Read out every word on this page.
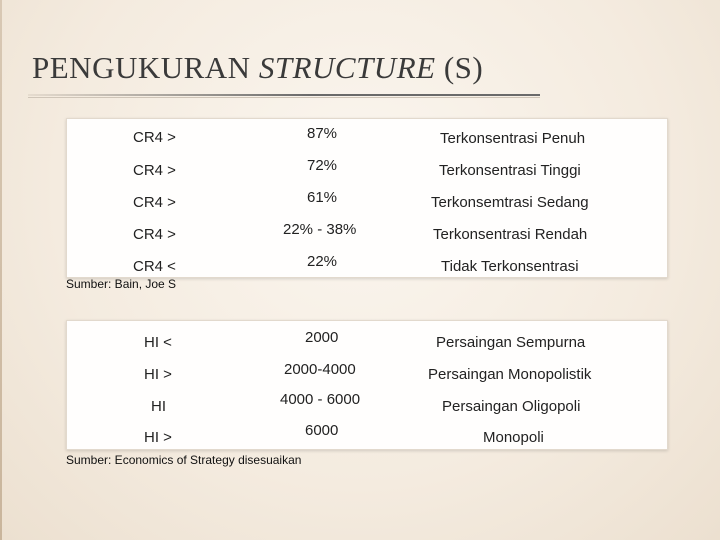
PENGUKURAN STRUCTURE (S)
CR4 >	87%	Terkonsentrasi Penuh
CR4 >	72%	Terkonsentrasi Tinggi
CR4 >	61%	Terkonsemtrasi Sedang
CR4 >	22% - 38%	Terkonsentrasi Rendah
CR4 <	22%	Tidak Terkonsentrasi
Sumber: Bain, Joe S
HI <	2000	Persaingan Sempurna
HI >	2000-4000	Persaingan Monopolistik
HI	4000 - 6000	Persaingan Oligopoli
HI >	6000	Monopoli
Sumber: Economics of Strategy disesuaikan
